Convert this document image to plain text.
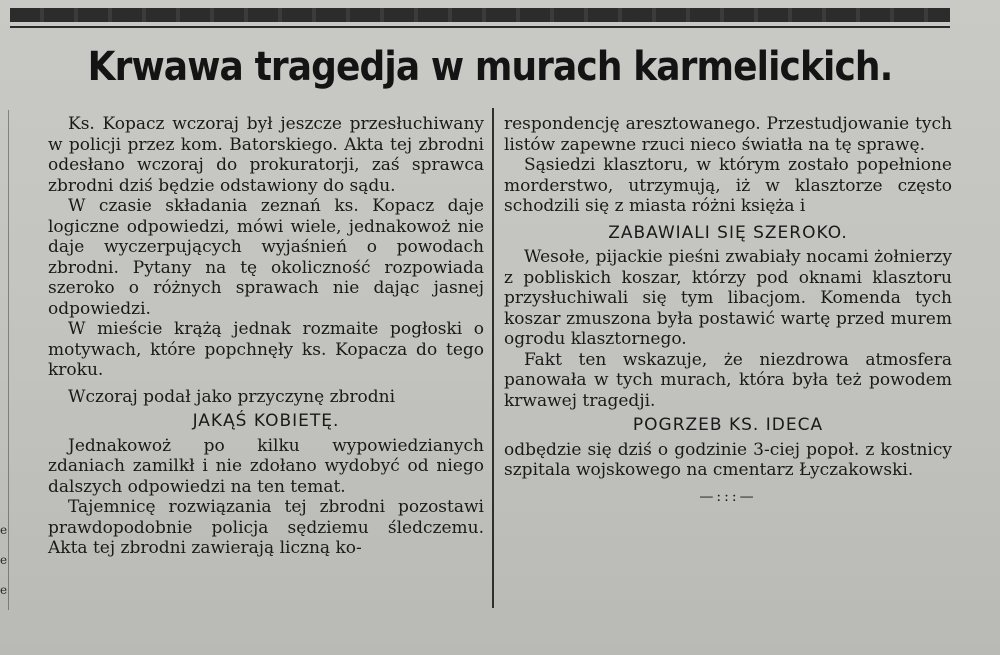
Krwawa tragedja w murach karmelickich.

Ks. Kopacz wczoraj był jeszcze przesłuchiwany w policji przez kom. Batorskiego. Akta tej zbrodni odesłano wczoraj do prokuratorji, zaś sprawca zbrodni dziś będzie odstawiony do sądu.

W czasie składania zeznań ks. Kopacz daje logiczne odpowiedzi, mówi wiele, jednakowoż nie daje wyczerpujących wyjaśnień o powodach zbrodni. Pytany na tę okoliczność rozpowiada szeroko o różnych sprawach nie dając jasnej odpowiedzi.

W mieście krążą jednak rozmaite pogłoski o motywach, które popchnęły ks. Kopacza do tego kroku.

Wczoraj podał jako przyczynę zbrodni

JAKĄŚ KOBIETĘ.

Jednakowoż po kilku wypowiedzianych zdaniach zamilkł i nie zdołano wydobyć od niego dalszych odpowiedzi na ten temat.

Tajemnicę rozwiązania tej zbrodni pozostawi prawdopodobnie policja sędziemu śledczemu. Akta tej zbrodni zawierają liczną ko-

respondencję aresztowanego. Przestudjowanie tych listów zapewne rzuci nieco światła na tę sprawę.

Sąsiedzi klasztoru, w którym zostało popełnione morderstwo, utrzymują, iż w klasztorze często schodzili się z miasta różni księża i

ZABAWIALI SIĘ SZEROKO.

Wesołe, pijackie pieśni zwabiały nocami żołnierzy z pobliskich koszar, którzy pod oknami klasztoru przysłuchiwali się tym libacjom. Komenda tych koszar zmuszona była postawić wartę przed murem ogrodu klasztornego.

Fakt ten wskazuje, że niezdrowa atmosfera panowała w tych murach, która była też powodem krwawej tragedji.

POGRZEB KS. IDECA

odbędzie się dziś o godzinie 3-ciej popoł. z kostnicy szpitala wojskowego na cmentarz Łyczakowski.

—:::—
e
e
e
